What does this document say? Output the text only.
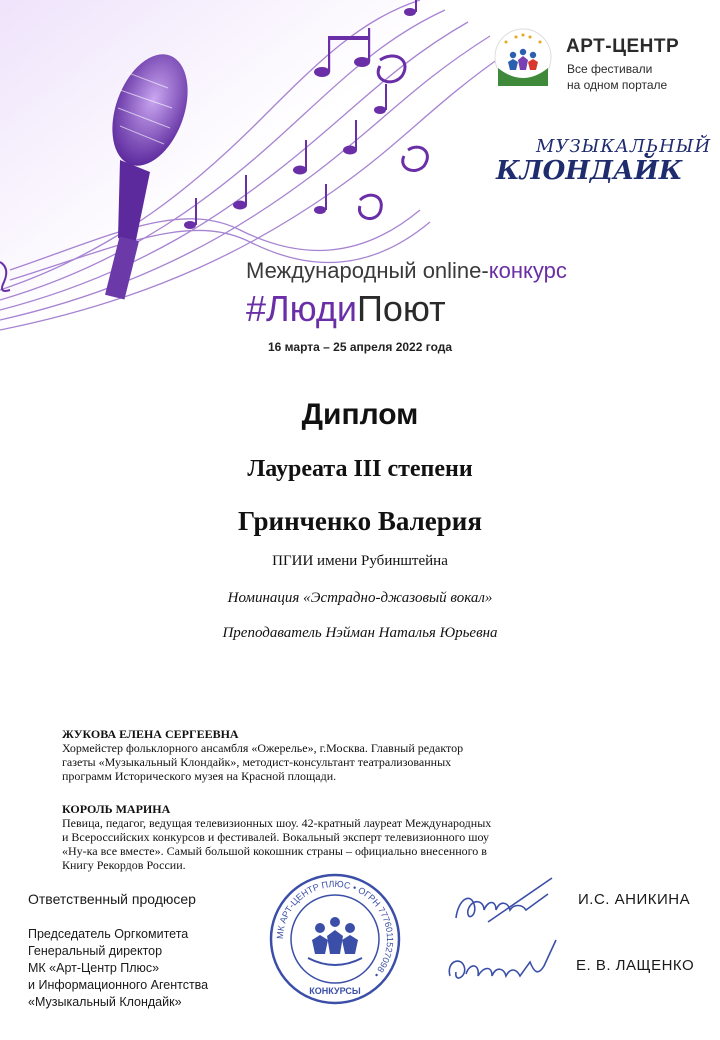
АРТ-ЦЕНТР
Все фестивали
на одном портале
МУЗЫКАЛЬНЫЙ
КЛОНДАЙК
Международный online-конкурс
#ЛюдиПоют
16 марта – 25 апреля 2022 года
Диплом
Лауреата III степени
Гринченко Валерия
ПГИИ имени Рубинштейна
Номинация «Эстрадно-джазовый вокал»
Преподаватель Нэйман Наталья Юрьевна
ЖУКОВА ЕЛЕНА СЕРГЕЕВНА
Хормейстер фольклорного ансамбля «Ожерелье», г.Москва. Главный редактор
газеты «Музыкальный Клондайк», методист-консультант театрализованных
программ Исторического музея на Красной площади.
КОРОЛЬ МАРИНА
Певица, педагог, ведущая телевизионных шоу. 42-кратный лауреат Международных
и Всероссийских конкурсов и фестивалей. Вокальный эксперт телевизионного шоу
«Ну-ка все вместе». Самый большой кокошник страны – официально внесенного в
Книгу Рекордов России.
Ответственный продюсер
Председатель Оргкомитета
Генеральный директор
МК «Арт-Центр Плюс»
и Информационного Агентства
«Музыкальный Клондайк»
И.С. АНИКИНА
Е. В. ЛАЩЕНКО
МК АРТ-ЦЕНТР ПЛЮС • ОГРН 7776011527098 •
КОНКУРСЫ
